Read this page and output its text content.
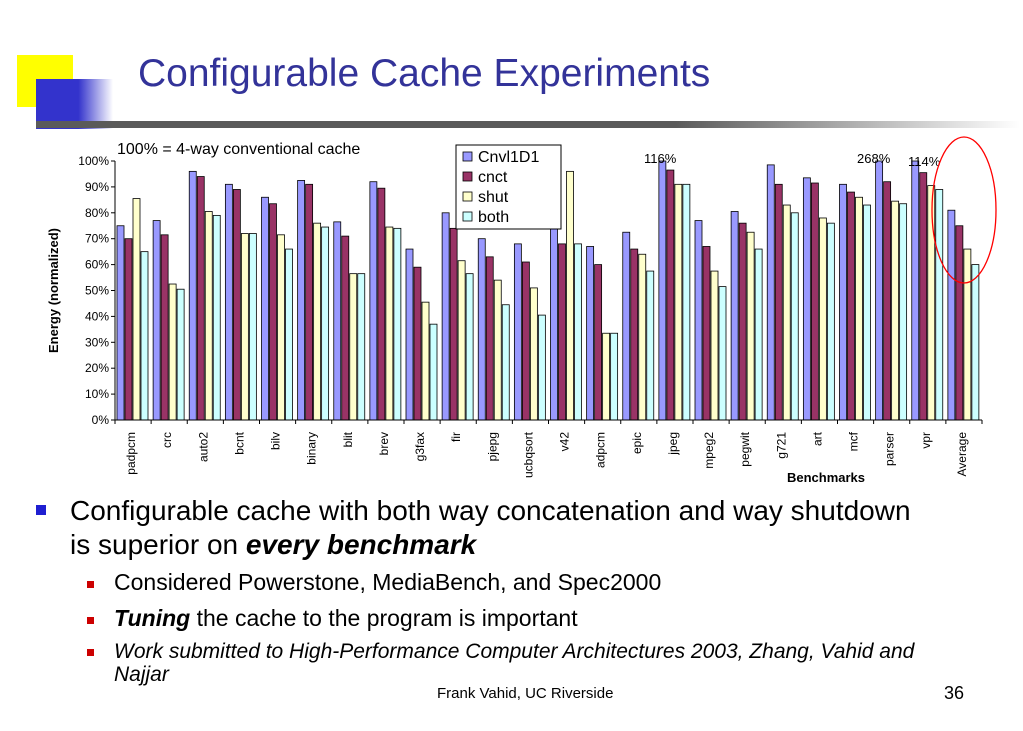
Configurable Cache Experiments
padpcm crc auto2 bcnt bilv binary blit brev g3fax fir pjepg ucbqsort v42 adpcm epic jpeg mpeg2 pegwit g721 art mcf parser vpr Average
0%
10%
20%
30%
40%
50%
60%
70%
80%
90%
100%
Energy (normalized)
Benchmarks
100% = 4-way conventional cache
116%	268% 114%
Cnvl1D1
cnct
shut
both
Configurable cache with both way concatenation and way shutdown is superior on every benchmark
Considered Powerstone, MediaBench, and Spec2000
Tuning the cache to the program is important
Work submitted to High-Performance Computer Architectures 2003, Zhang, Vahid and Najjar
Frank Vahid, UC Riverside	36
